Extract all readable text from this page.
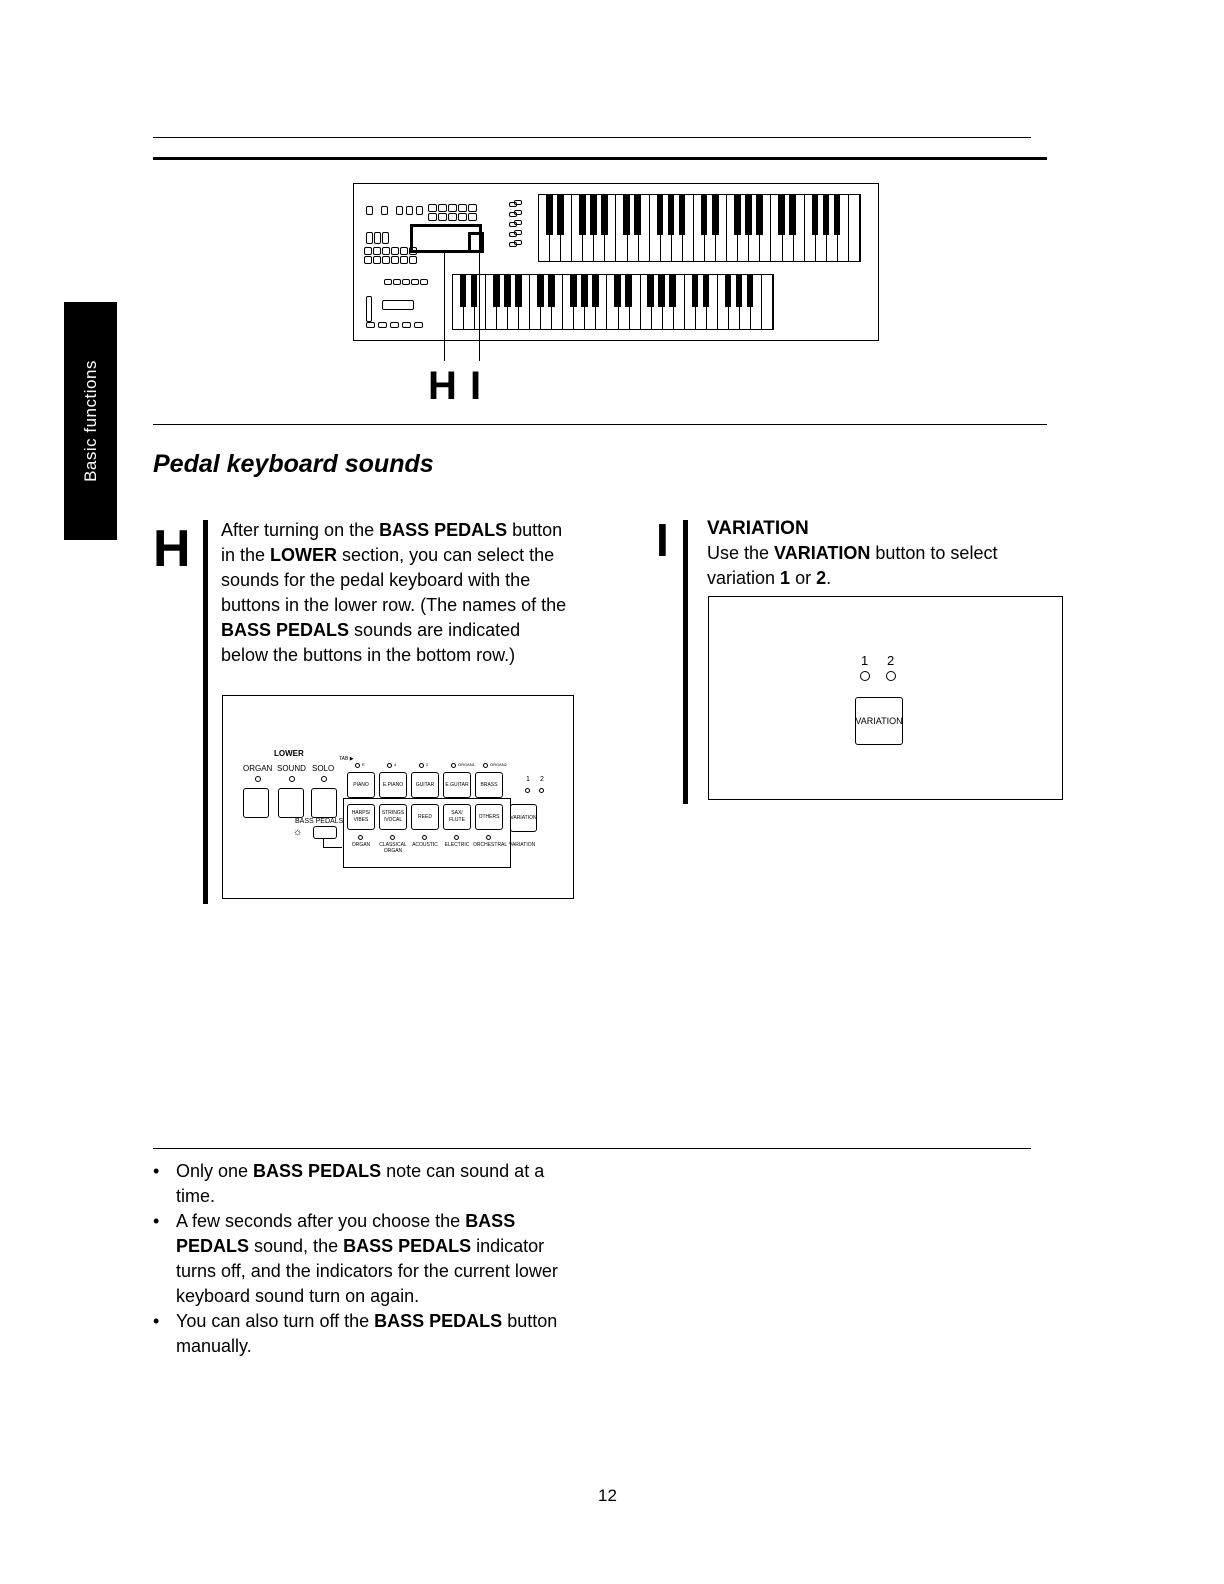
Basic functions	H I
Pedal keyboard sounds
H After turning on the BASS PEDALS button in the LOWER section, you can select the sounds for the pedal keyboard with the buttons in the lower row. (The names of the BASS PEDALS sounds are indicated below the buttons in the bottom row.)
LOWER
ORGAN SOUND SOLO
BASS PEDALS
☼
TAB ▶
E
PIANO
4
E.PIANO
2
GUITAR
ORGAN1
E.GUITAR
ORGAN2
BRASS
HARPS/ VIBES
ORGAN
STRINGS /VOCAL
CLASSICAL ORGAN
REED
ACOUSTIC
SAX/ FLUTE
ELECTRIC
OTHERS
ORCHESTRAL
1 2
VARIATION
VARIATION
I VARIATION
Use the VARIATION button to select variation 1 or 2.
1 2
VARIATION
• Only one BASS PEDALS note can sound at a time.
• A few seconds after you choose the BASS PEDALS sound, the BASS PEDALS indicator turns off, and the indicators for the current lower keyboard sound turn on again.
• You can also turn off the BASS PEDALS button manually.
12
